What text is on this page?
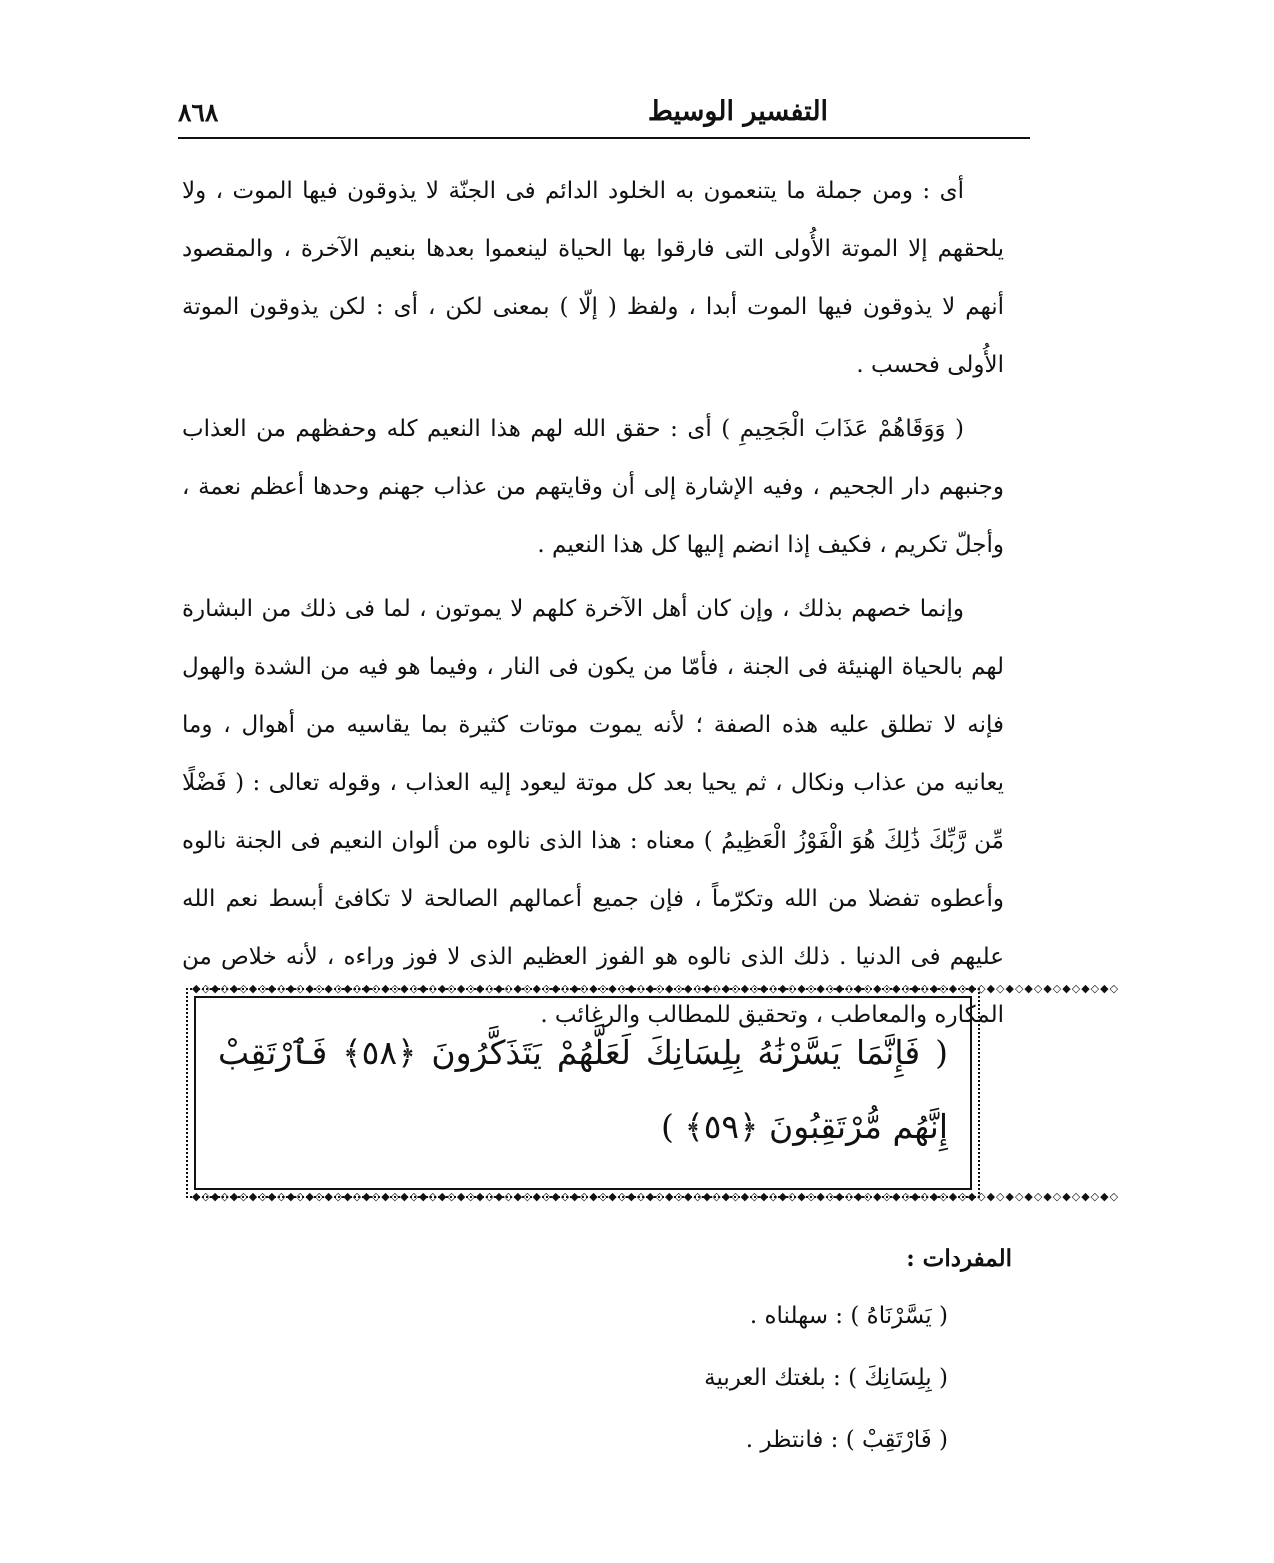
٨٦٨	التفسير الوسيط

أى : ومن جملة ما يتنعمون به الخلود الدائم فى الجنّة لا يذوقون فيها الموت ، ولا يلحقهم إلا الموتة الأُولى التى فارقوا بها الحياة لينعموا بعدها بنعيم الآخرة ، والمقصود أنهم لا يذوقون فيها الموت أبدا ، ولفظ ( إلّا ) بمعنى لكن ، أى : لكن يذوقون الموتة الأُولى فحسب .

( وَوَقَاهُمْ عَذَابَ الْجَحِيمِ ) أى : حقق الله لهم هذا النعيم كله وحفظهم من العذاب وجنبهم دار الجحيم ، وفيه الإشارة إلى أن وقايتهم من عذاب جهنم وحدها أعظم نعمة ، وأجلّ تكريم ، فكيف إذا انضم إليها كل هذا النعيم .

وإنما خصهم بذلك ، وإن كان أهل الآخرة كلهم لا يموتون ، لما فى ذلك من البشارة لهم بالحياة الهنيئة فى الجنة ، فأمّا من يكون فى النار ، وفيما هو فيه من الشدة والهول فإنه لا تطلق عليه هذه الصفة ؛ لأنه يموت موتات كثيرة بما يقاسيه من أهوال ، وما يعانيه من عذاب ونكال ، ثم يحيا بعد كل موتة ليعود إليه العذاب ، وقوله تعالى : ( فَضْلًا مِّن رَّبِّكَ ذَٰلِكَ هُوَ الْفَوْزُ الْعَظِيمُ ) معناه : هذا الذى نالوه من ألوان النعيم فى الجنة نالوه وأعطوه تفضلا من الله وتكرّماً ، فإن جميع أعمالهم الصالحة لا تكافئ أبسط نعم الله عليهم فى الدنيا . ذلك الذى نالوه هو الفوز العظيم الذى لا فوز وراءه ، لأنه خلاص من المكاره والمعاطب ، وتحقيق للمطالب والرغائب .

◆◇◆◇◆◇◆◇◆◇◆◇◆◇◆◇◆◇◆◇◆◇◆◇◆◇◆◇◆◇◆◇◆◇◆◇◆◇◆◇◆◇◆◇◆◇◆◇◆◇◆◇◆◇◆◇◆◇◆◇◆◇◆◇◆◇◆◇◆◇◆◇◆◇◆◇◆◇◆◇◆◇◆◇◆◇◆◇◆◇◆◇◆◇◆◇◆◇
( فَإِنَّمَا يَسَّرْنَٰهُ بِلِسَانِكَ لَعَلَّهُمْ يَتَذَكَّرُونَ ﴿٥٨﴾ فَٱرْتَقِبْ إِنَّهُم مُّرْتَقِبُونَ ﴿٥٩﴾ )
◆◇◆◇◆◇◆◇◆◇◆◇◆◇◆◇◆◇◆◇◆◇◆◇◆◇◆◇◆◇◆◇◆◇◆◇◆◇◆◇◆◇◆◇◆◇◆◇◆◇◆◇◆◇◆◇◆◇◆◇◆◇◆◇◆◇◆◇◆◇◆◇◆◇◆◇◆◇◆◇◆◇◆◇◆◇◆◇◆◇◆◇◆◇◆◇◆◇
المفردات :
( يَسَّرْنَاهُ ) : سهلناه .
( بِلِسَانِكَ ) : بلغتك العربية
( فَارْتَقِبْ ) : فانتظر .
